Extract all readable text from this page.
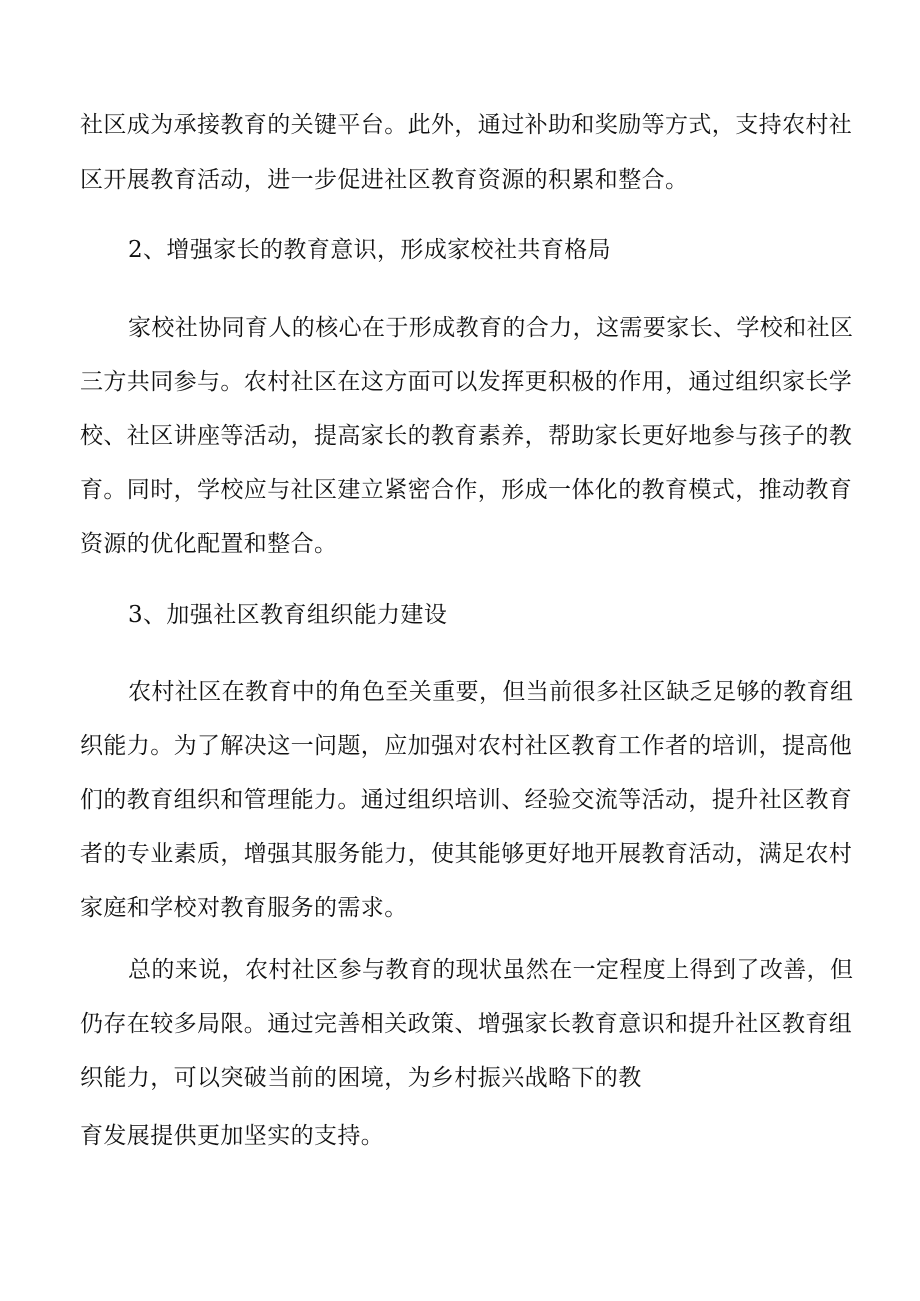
社区成为承接教育的关键平台。此外，通过补助和奖励等方式，支持农村社
区开展教育活动，进一步促进社区教育资源的积累和整合。
2、增强家长的教育意识，形成家校社共育格局
家校社协同育人的核心在于形成教育的合力，这需要家长、学校和社区
三方共同参与。农村社区在这方面可以发挥更积极的作用，通过组织家长学
校、社区讲座等活动，提高家长的教育素养，帮助家长更好地参与孩子的教
育。同时，学校应与社区建立紧密合作，形成一体化的教育模式，推动教育
资源的优化配置和整合。
3、加强社区教育组织能力建设
农村社区在教育中的角色至关重要，但当前很多社区缺乏足够的教育组
织能力。为了解决这一问题，应加强对农村社区教育工作者的培训，提高他
们的教育组织和管理能力。通过组织培训、经验交流等活动，提升社区教育
者的专业素质，增强其服务能力，使其能够更好地开展教育活动，满足农村
家庭和学校对教育服务的需求。
总的来说，农村社区参与教育的现状虽然在一定程度上得到了改善，但
仍存在较多局限。通过完善相关政策、增强家长教育意识和提升社区教育组
织能力，可以突破当前的困境，为乡村振兴战略下的教
育发展提供更加坚实的支持。
